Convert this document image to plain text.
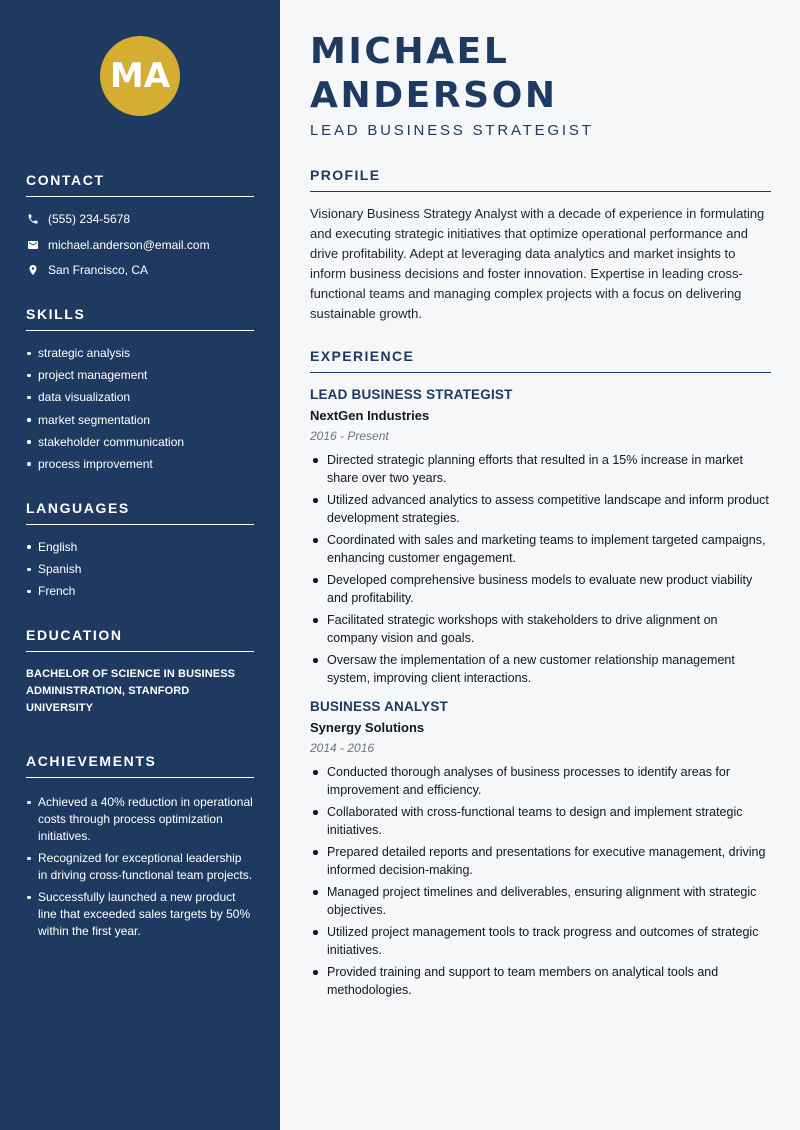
MA
CONTACT
(555) 234-5678
michael.anderson@email.com
San Francisco, CA
SKILLS
strategic analysis
project management
data visualization
market segmentation
stakeholder communication
process improvement
LANGUAGES
English
Spanish
French
EDUCATION

BACHELOR OF SCIENCE IN BUSINESS ADMINISTRATION, STANFORD UNIVERSITY

ACHIEVEMENTS
Achieved a 40% reduction in operational costs through process optimization initiatives.
Recognized for exceptional leadership in driving cross-functional team projects.
Successfully launched a new product line that exceeded sales targets by 50% within the first year.
MICHAEL ANDERSON
LEAD BUSINESS STRATEGIST
PROFILE

Visionary Business Strategy Analyst with a decade of experience in formulating and executing strategic initiatives that optimize operational performance and drive profitability. Adept at leveraging data analytics and market insights to inform business decisions and foster innovation. Expertise in leading cross-functional teams and managing complex projects with a focus on delivering sustainable growth.

EXPERIENCE
LEAD BUSINESS STRATEGIST
NextGen Industries
2016 - Present
Directed strategic planning efforts that resulted in a 15% increase in market share over two years.
Utilized advanced analytics to assess competitive landscape and inform product development strategies.
Coordinated with sales and marketing teams to implement targeted campaigns, enhancing customer engagement.
Developed comprehensive business models to evaluate new product viability and profitability.
Facilitated strategic workshops with stakeholders to drive alignment on company vision and goals.
Oversaw the implementation of a new customer relationship management system, improving client interactions.
BUSINESS ANALYST
Synergy Solutions
2014 - 2016
Conducted thorough analyses of business processes to identify areas for improvement and efficiency.
Collaborated with cross-functional teams to design and implement strategic initiatives.
Prepared detailed reports and presentations for executive management, driving informed decision-making.
Managed project timelines and deliverables, ensuring alignment with strategic objectives.
Utilized project management tools to track progress and outcomes of strategic initiatives.
Provided training and support to team members on analytical tools and methodologies.
